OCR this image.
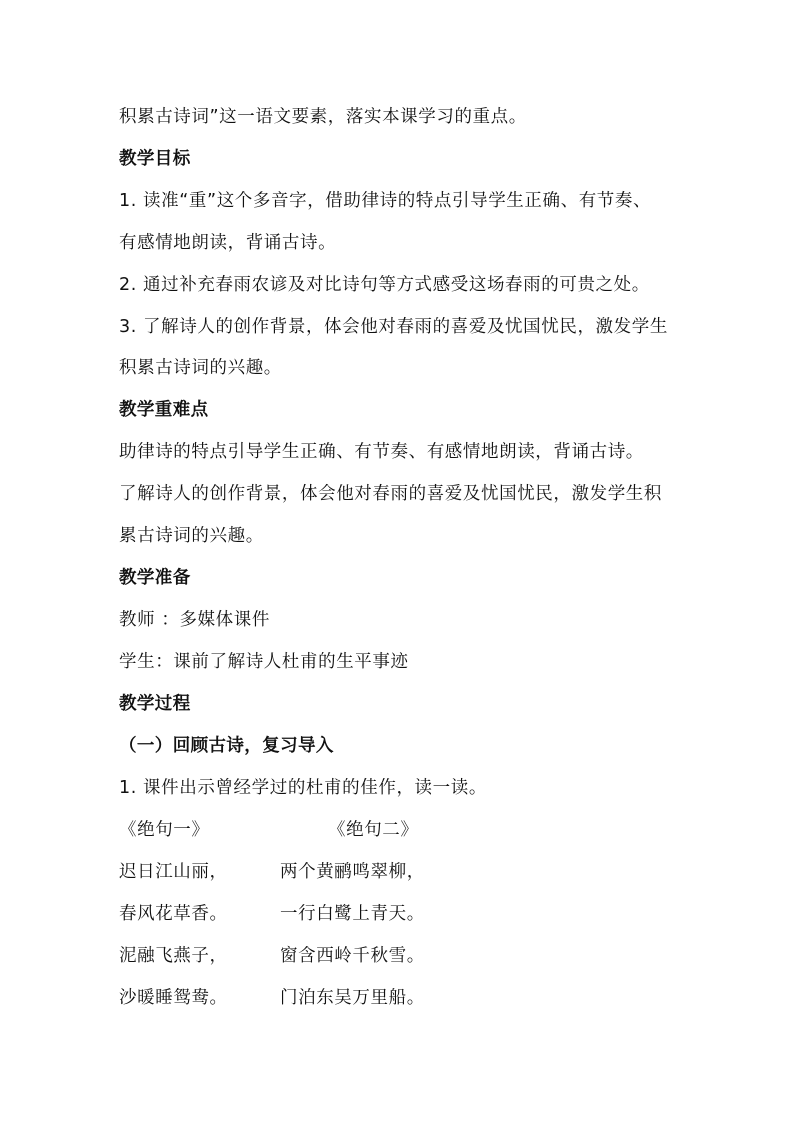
积累古诗词”这一语文要素，落实本课学习的重点。
教学目标
1. 读准“重”这个多音字，借助律诗的特点引导学生正确、有节奏、
有感情地朗读，背诵古诗。
2. 通过补充春雨农谚及对比诗句等方式感受这场春雨的可贵之处。
3. 了解诗人的创作背景，体会他对春雨的喜爱及忧国忧民，激发学生
积累古诗词的兴趣。
教学重难点
助律诗的特点引导学生正确、有节奏、有感情地朗读，背诵古诗。
了解诗人的创作背景，体会他对春雨的喜爱及忧国忧民，激发学生积
累古诗词的兴趣。
教学准备
教师 ：多媒体课件
学生：课前了解诗人杜甫的生平事迹
教学过程
（一）回顾古诗，复习导入
1. 课件出示曾经学过的杜甫的佳作，读一读。
《绝句一》	《绝句二》
迟日江山丽，	两个黄鹂鸣翠柳，
春风花草香。	一行白鹭上青天。
泥融飞燕子，	窗含西岭千秋雪。
沙暖睡鸳鸯。	门泊东吴万里船。
